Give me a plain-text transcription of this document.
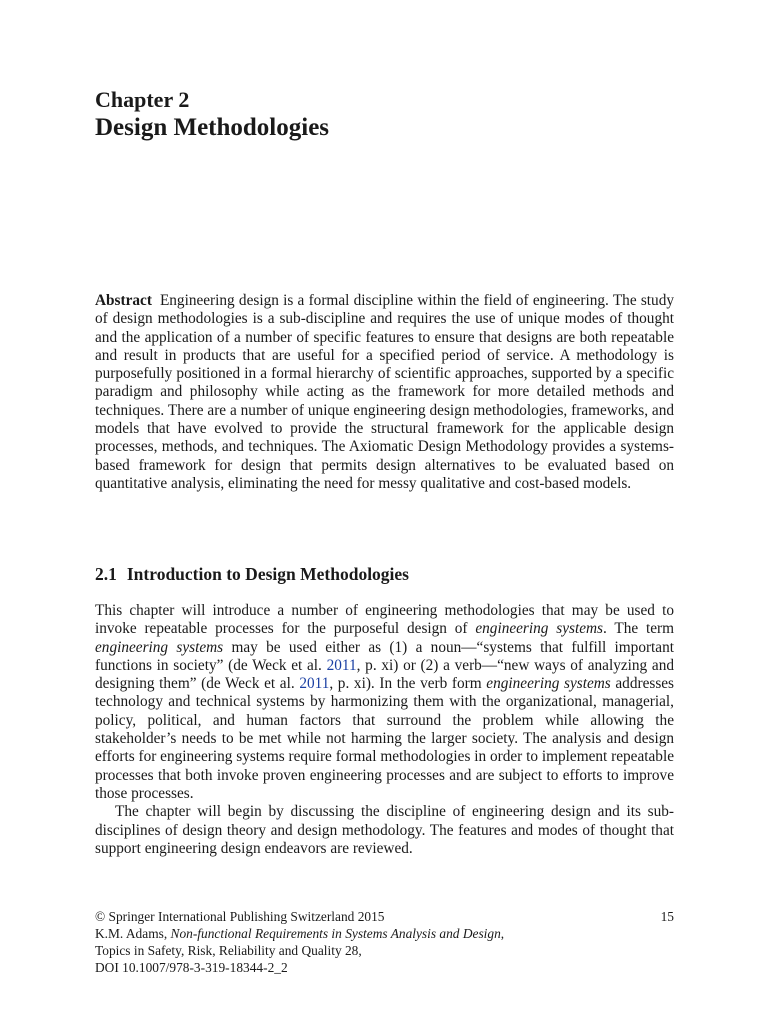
Chapter 2
Design Methodologies
Abstract Engineering design is a formal discipline within the field of engineering. The study of design methodologies is a sub-discipline and requires the use of unique modes of thought and the application of a number of specific features to ensure that designs are both repeatable and result in products that are useful for a specified period of service. A methodology is purposefully positioned in a formal hierarchy of scientific approaches, supported by a specific paradigm and philosophy while acting as the framework for more detailed methods and techniques. There are a number of unique engineering design methodologies, frameworks, and models that have evolved to provide the structural framework for the applicable design processes, methods, and techniques. The Axiomatic Design Methodology provides a systems-based framework for design that permits design alternatives to be evaluated based on quantitative analysis, eliminating the need for messy qualitative and cost-based models.
2.1 Introduction to Design Methodologies

This chapter will introduce a number of engineering methodologies that may be used to invoke repeatable processes for the purposeful design of engineering systems. The term engineering systems may be used either as (1) a noun—“systems that fulfill important functions in society” (de Weck et al. 2011, p. xi) or (2) a verb—“new ways of analyzing and designing them” (de Weck et al. 2011, p. xi). In the verb form engineering systems addresses technology and technical systems by harmonizing them with the organizational, managerial, policy, political, and human factors that surround the problem while allowing the stakeholder’s needs to be met while not harming the larger society. The analysis and design efforts for engineering systems require formal methodologies in order to implement repeatable processes that both invoke proven engineering processes and are subject to efforts to improve those processes.

The chapter will begin by discussing the discipline of engineering design and its sub-disciplines of design theory and design methodology. The features and modes of thought that support engineering design endeavors are reviewed.

© Springer International Publishing Switzerland 2015	15
K.M. Adams, Non-functional Requirements in Systems Analysis and Design,
Topics in Safety, Risk, Reliability and Quality 28,
DOI 10.1007/978-3-319-18344-2_2
